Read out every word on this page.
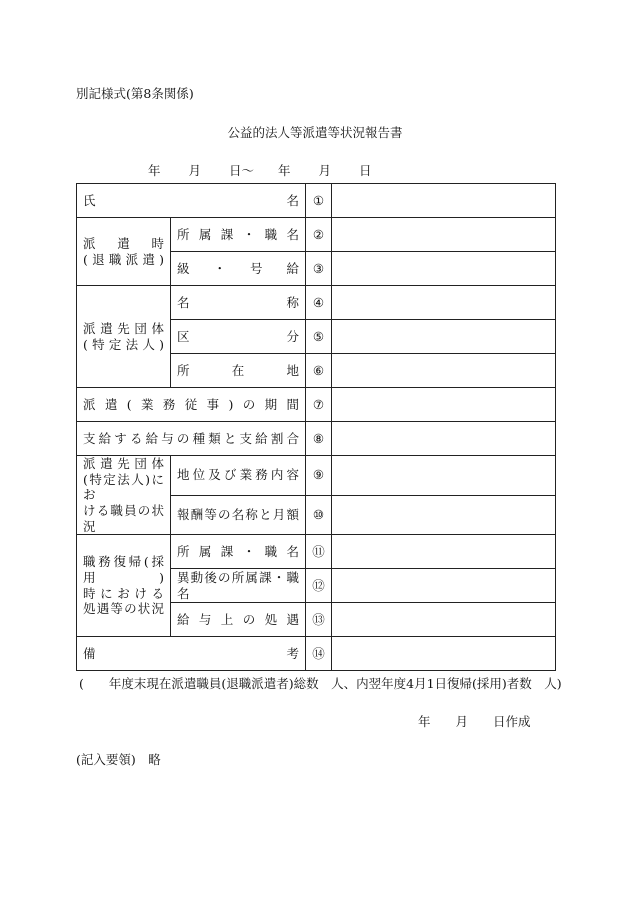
別記様式(第8条関係)
公益的法人等派遣等状況報告書
年 月 日〜 年 月 日
氏 名		①	

派　遣　時
(退職派遣)	所属課・職名	②	
	級・号給	③	

派遣先団体
(特定法人)	名 称	④	

	区 分	⑤	
	所在地	⑥	
派遣(業務従事)の期間		⑦	
支給する給与の種類と支給割合		⑧	

派遣先団体
(特定法人)にお
ける職員の状況	地位及び業務内容	⑨	
	報酬等の名称と月額	⑩	

職務復帰(採用)
時における
処遇等の状況	所属課・職名	⑪	
	異動後の所属課・職名	⑫	
	給与上の処遇	⑬	

備 考		⑭	
(　　年度末現在派遣職員(退職派遣者)総数　人、内翌年度4月1日復帰(採用)者数　人)
年　　月　　日作成
(記入要領)　略
